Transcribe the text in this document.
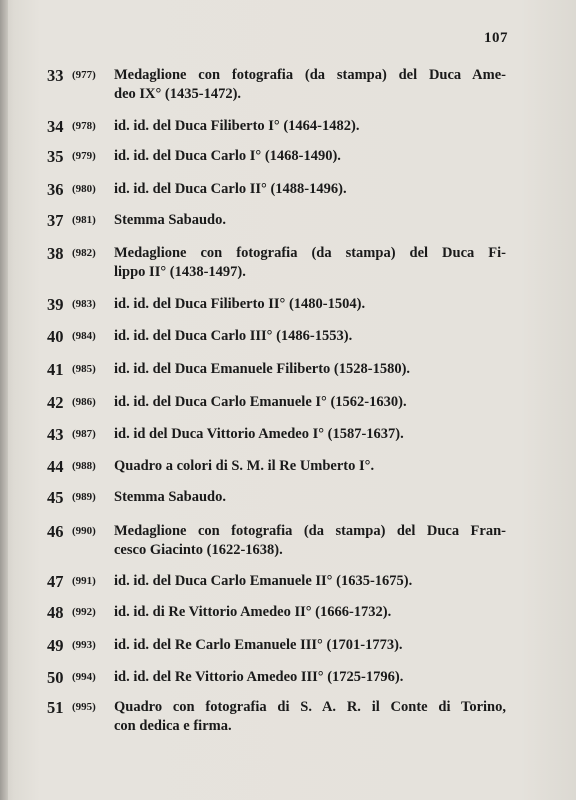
107
33 (977) Medaglione con fotografia (da stampa) del Duca Ame-
deo IX° (1435-1472).
34 (978) id. id. del Duca Filiberto I° (1464-1482).
35 (979) id. id. del Duca Carlo I° (1468-1490).
36 (980) id. id. del Duca Carlo II° (1488-1496).
37 (981) Stemma Sabaudo.
38 (982) Medaglione con fotografia (da stampa) del Duca Fi-
lippo II° (1438-1497).
39 (983) id. id. del Duca Filiberto II° (1480-1504).
40 (984) id. id. del Duca Carlo III° (1486-1553).
41 (985) id. id. del Duca Emanuele Filiberto (1528-1580).
42 (986) id. id. del Duca Carlo Emanuele I° (1562-1630).
43 (987) id. id del Duca Vittorio Amedeo I° (1587-1637).
44 (988) Quadro a colori di S. M. il Re Umberto I°.
45 (989) Stemma Sabaudo.
46 (990) Medaglione con fotografia (da stampa) del Duca Fran-
cesco Giacinto (1622-1638).
47 (991) id. id. del Duca Carlo Emanuele II° (1635-1675).
48 (992) id. id. di Re Vittorio Amedeo II° (1666-1732).
49 (993) id. id. del Re Carlo Emanuele III° (1701-1773).
50 (994) id. id. del Re Vittorio Amedeo III° (1725-1796).
51 (995) Quadro con fotografia di S. A. R. il Conte di Torino,
con dedica e firma.
